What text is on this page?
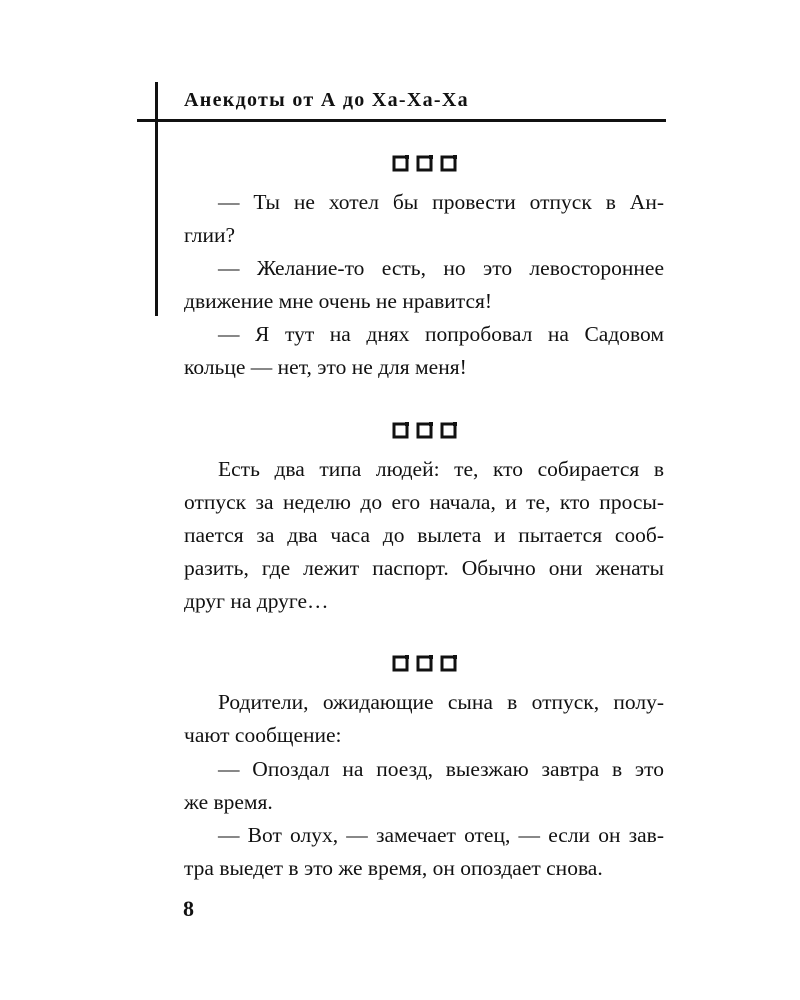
Анекдоты от А до Ха-Ха-Ха
— Ты не хотел бы провести отпуск в Ан-
глии?
— Желание-то есть, но это левостороннее
движение мне очень не нравится!
— Я тут на днях попробовал на Садовом
кольце — нет, это не для меня!
Есть два типа людей: те, кто собирается в
отпуск за неделю до его начала, и те, кто просы-
пается за два часа до вылета и пытается сооб-
разить, где лежит паспорт. Обычно они женаты
друг на друге…
Родители, ожидающие сына в отпуск, полу-
чают сообщение:
— Опоздал на поезд, выезжаю завтра в это
же время.
— Вот олух, — замечает отец, — если он зав-
тра выедет в это же время, он опоздает снова.
8
